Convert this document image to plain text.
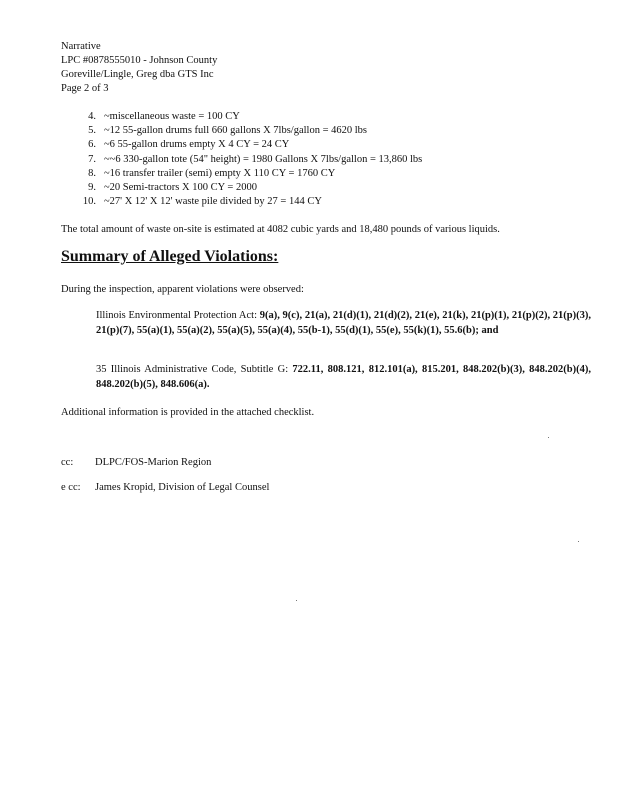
Narrative
LPC #0878555010 - Johnson County
Goreville/Lingle, Greg dba GTS Inc
Page 2 of 3
4. ~miscellaneous waste = 100 CY
5. ~12 55-gallon drums full 660 gallons X 7lbs/gallon = 4620 lbs
6. ~6 55-gallon drums empty X 4 CY = 24 CY
7. ~~6 330-gallon tote (54" height) = 1980 Gallons X 7lbs/gallon = 13,860 lbs
8. ~16 transfer trailer (semi) empty X 110 CY = 1760 CY
9. ~20 Semi-tractors X 100 CY = 2000
10. ~27' X 12' X 12' waste pile divided by 27 = 144 CY
The total amount of waste on-site is estimated at 4082 cubic yards and 18,480 pounds of various liquids.
Summary of Alleged Violations:
During the inspection, apparent violations were observed:
Illinois Environmental Protection Act: 9(a), 9(c), 21(a), 21(d)(1), 21(d)(2), 21(e), 21(k), 21(p)(1), 21(p)(2), 21(p)(3), 21(p)(7), 55(a)(1), 55(a)(2), 55(a)(5), 55(a)(4), 55(b-1), 55(d)(1), 55(e), 55(k)(1), 55.6(b); and
35 Illinois Administrative Code, Subtitle G: 722.11, 808.121, 812.101(a), 815.201, 848.202(b)(3), 848.202(b)(4), 848.202(b)(5), 848.606(a).
Additional information is provided in the attached checklist.
cc: DLPC/FOS-Marion Region
e cc: James Kropid, Division of Legal Counsel
